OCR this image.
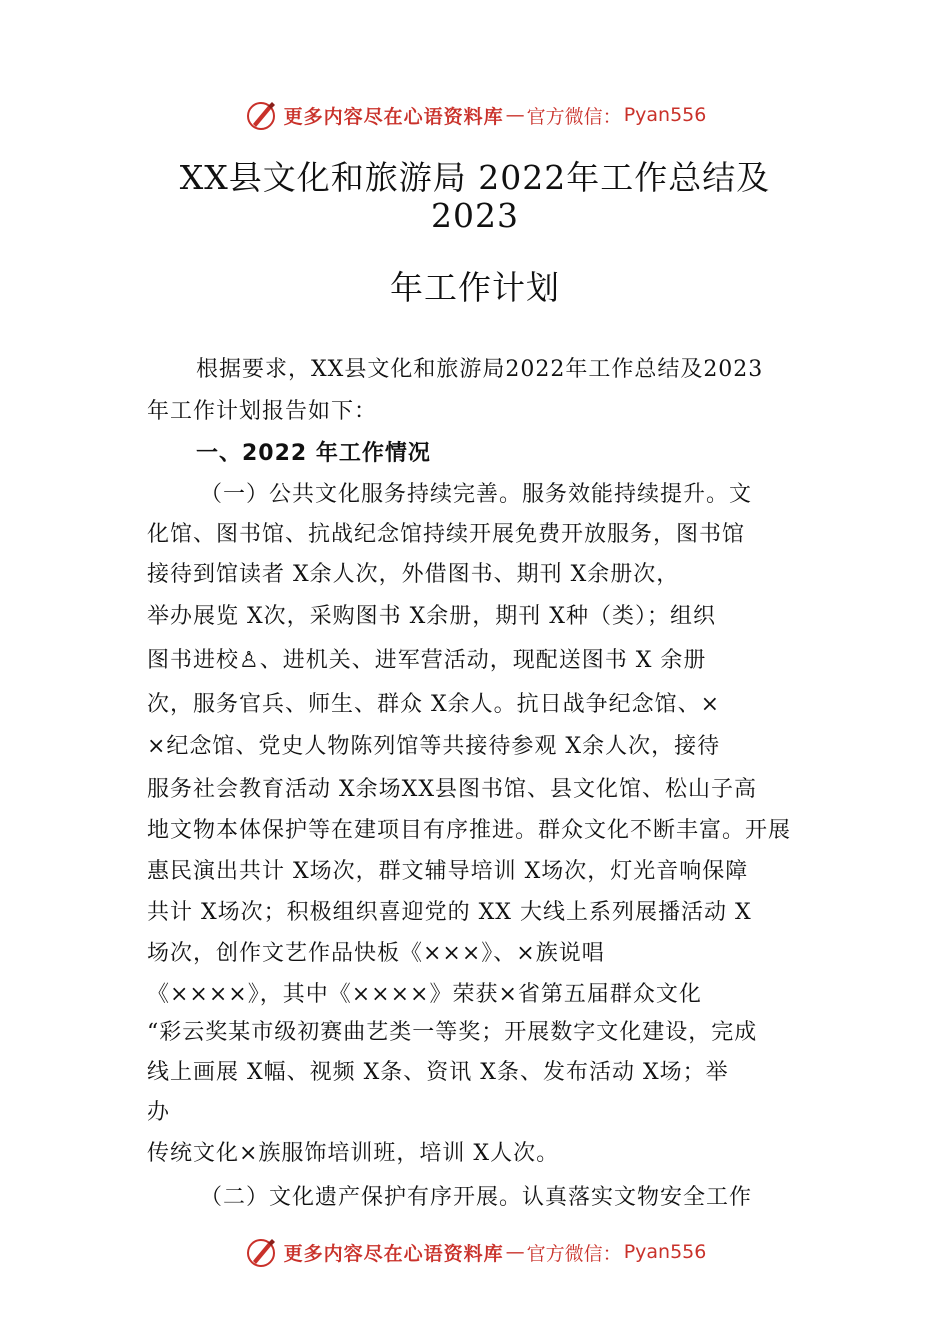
更多内容尽在心语资料库 — 官方微信： Pyan556
XX县文化和旅游局 2022年工作总结及
2023
年工作计划
根据要求，XX县文化和旅游局2022年工作总结及2023
年工作计划报告如下：
一、2022 年工作情况
（一）公共文化服务持续完善。服务效能持续提升。文
化馆、图书馆、抗战纪念馆持续开展免费开放服务，图书馆
接待到馆读者 X余人次，外借图书、期刊 X余册次，
举办展览 X次，采购图书 X余册，期刊 X种（类）；组织
图书进校♙、进机关、进军营活动，现配送图书 X 余册
次，服务官兵、师生、群众 X余人。抗日战争纪念馆、×
×纪念馆、党史人物陈列馆等共接待参观 X余人次，接待
服务社会教育活动 X余场XX县图书馆、县文化馆、松山子高
地文物本体保护等在建项目有序推进。群众文化不断丰富。开展
惠民演出共计 X场次，群文辅导培训 X场次，灯光音响保障
共计 X场次；积极组织喜迎党的 XX 大线上系列展播活动 X
场次，创作文艺作品快板《×××》、×族说唱
《××××》，其中《××××》荣获×省第五届群众文化
“彩云奖某市级初赛曲艺类一等奖；开展数字文化建设，完成
线上画展 X幅、视频 X条、资讯 X条、发布活动 X场；举
办
传统文化×族服饰培训班，培训 X人次。
（二）文化遗产保护有序开展。认真落实文物安全工作
更多内容尽在心语资料库 — 官方微信： Pyan556
